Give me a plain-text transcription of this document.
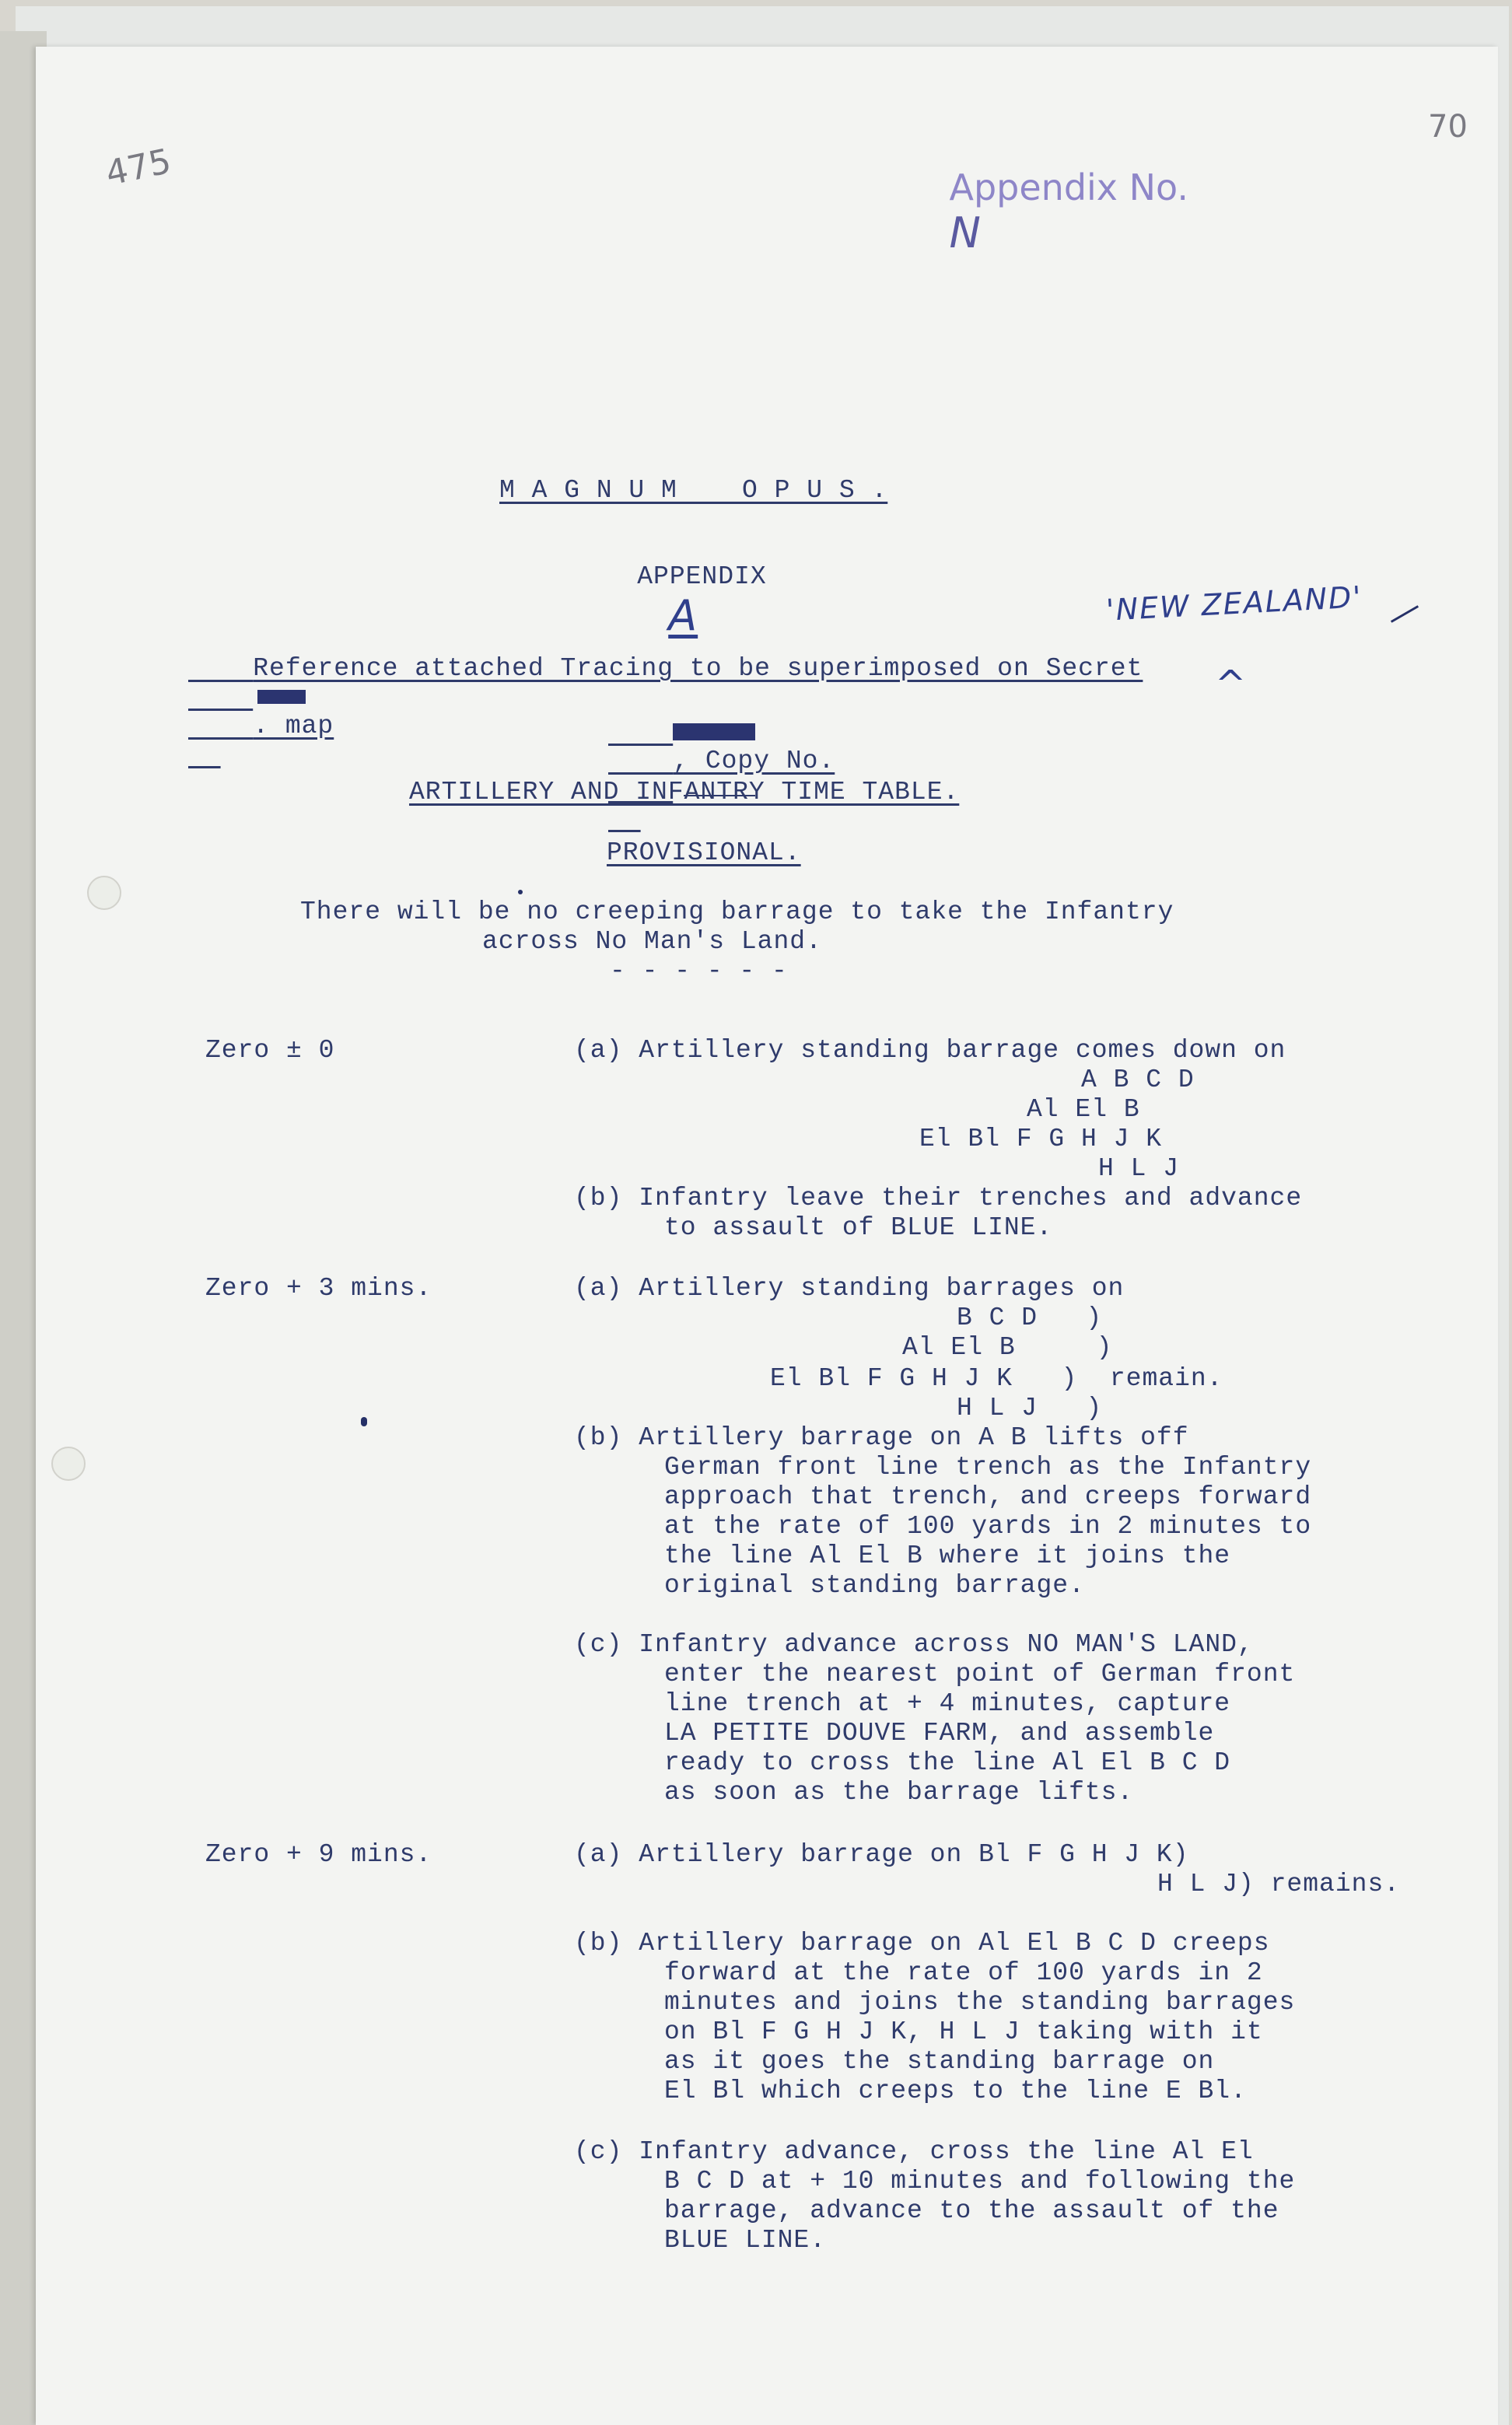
475	Appendix No.
N

70
M A G N U M    O P U S .

APPENDIX
A
	'NEW ZEALAND'

Reference attached Tracing to be superimposed on Secret

. map

^

, Copy No.

ARTILLERY AND INFANTRY TIME TABLE.
PROVISIONAL.
There will be no creeping barrage to take the Infantry
across No Man's Land.
- - - - - -
Zero ± 0	(a) Artillery standing barrage comes down on
A B C D
Al El B
El Bl F G H J K
H L J
(b) Infantry leave their trenches and advance
to assault of BLUE LINE.
Zero + 3 mins.	(a) Artillery standing barrages on
B C D   )
Al El B     )
El Bl F G H J K   )  remain.
H L J   )
(b) Artillery barrage on A B lifts off
German front line trench as the Infantry
approach that trench, and creeps forward
at the rate of 100 yards in 2 minutes to
the line Al El B where it joins the
original standing barrage.
(c) Infantry advance across NO MAN'S LAND,
enter the nearest point of German front
line trench at + 4 minutes, capture
LA PETITE DOUVE FARM, and assemble
ready to cross the line Al El B C D
as soon as the barrage lifts.
Zero + 9 mins.	(a) Artillery barrage on Bl F G H J K)
H L J) remains.
(b) Artillery barrage on Al El B C D creeps
forward at the rate of 100 yards in 2
minutes and joins the standing barrages
on Bl F G H J K, H L J taking with it
as it goes the standing barrage on
El Bl which creeps to the line E Bl.
(c) Infantry advance, cross the line Al El
B C D at + 10 minutes and following the
barrage, advance to the assault of the
BLUE LINE.
